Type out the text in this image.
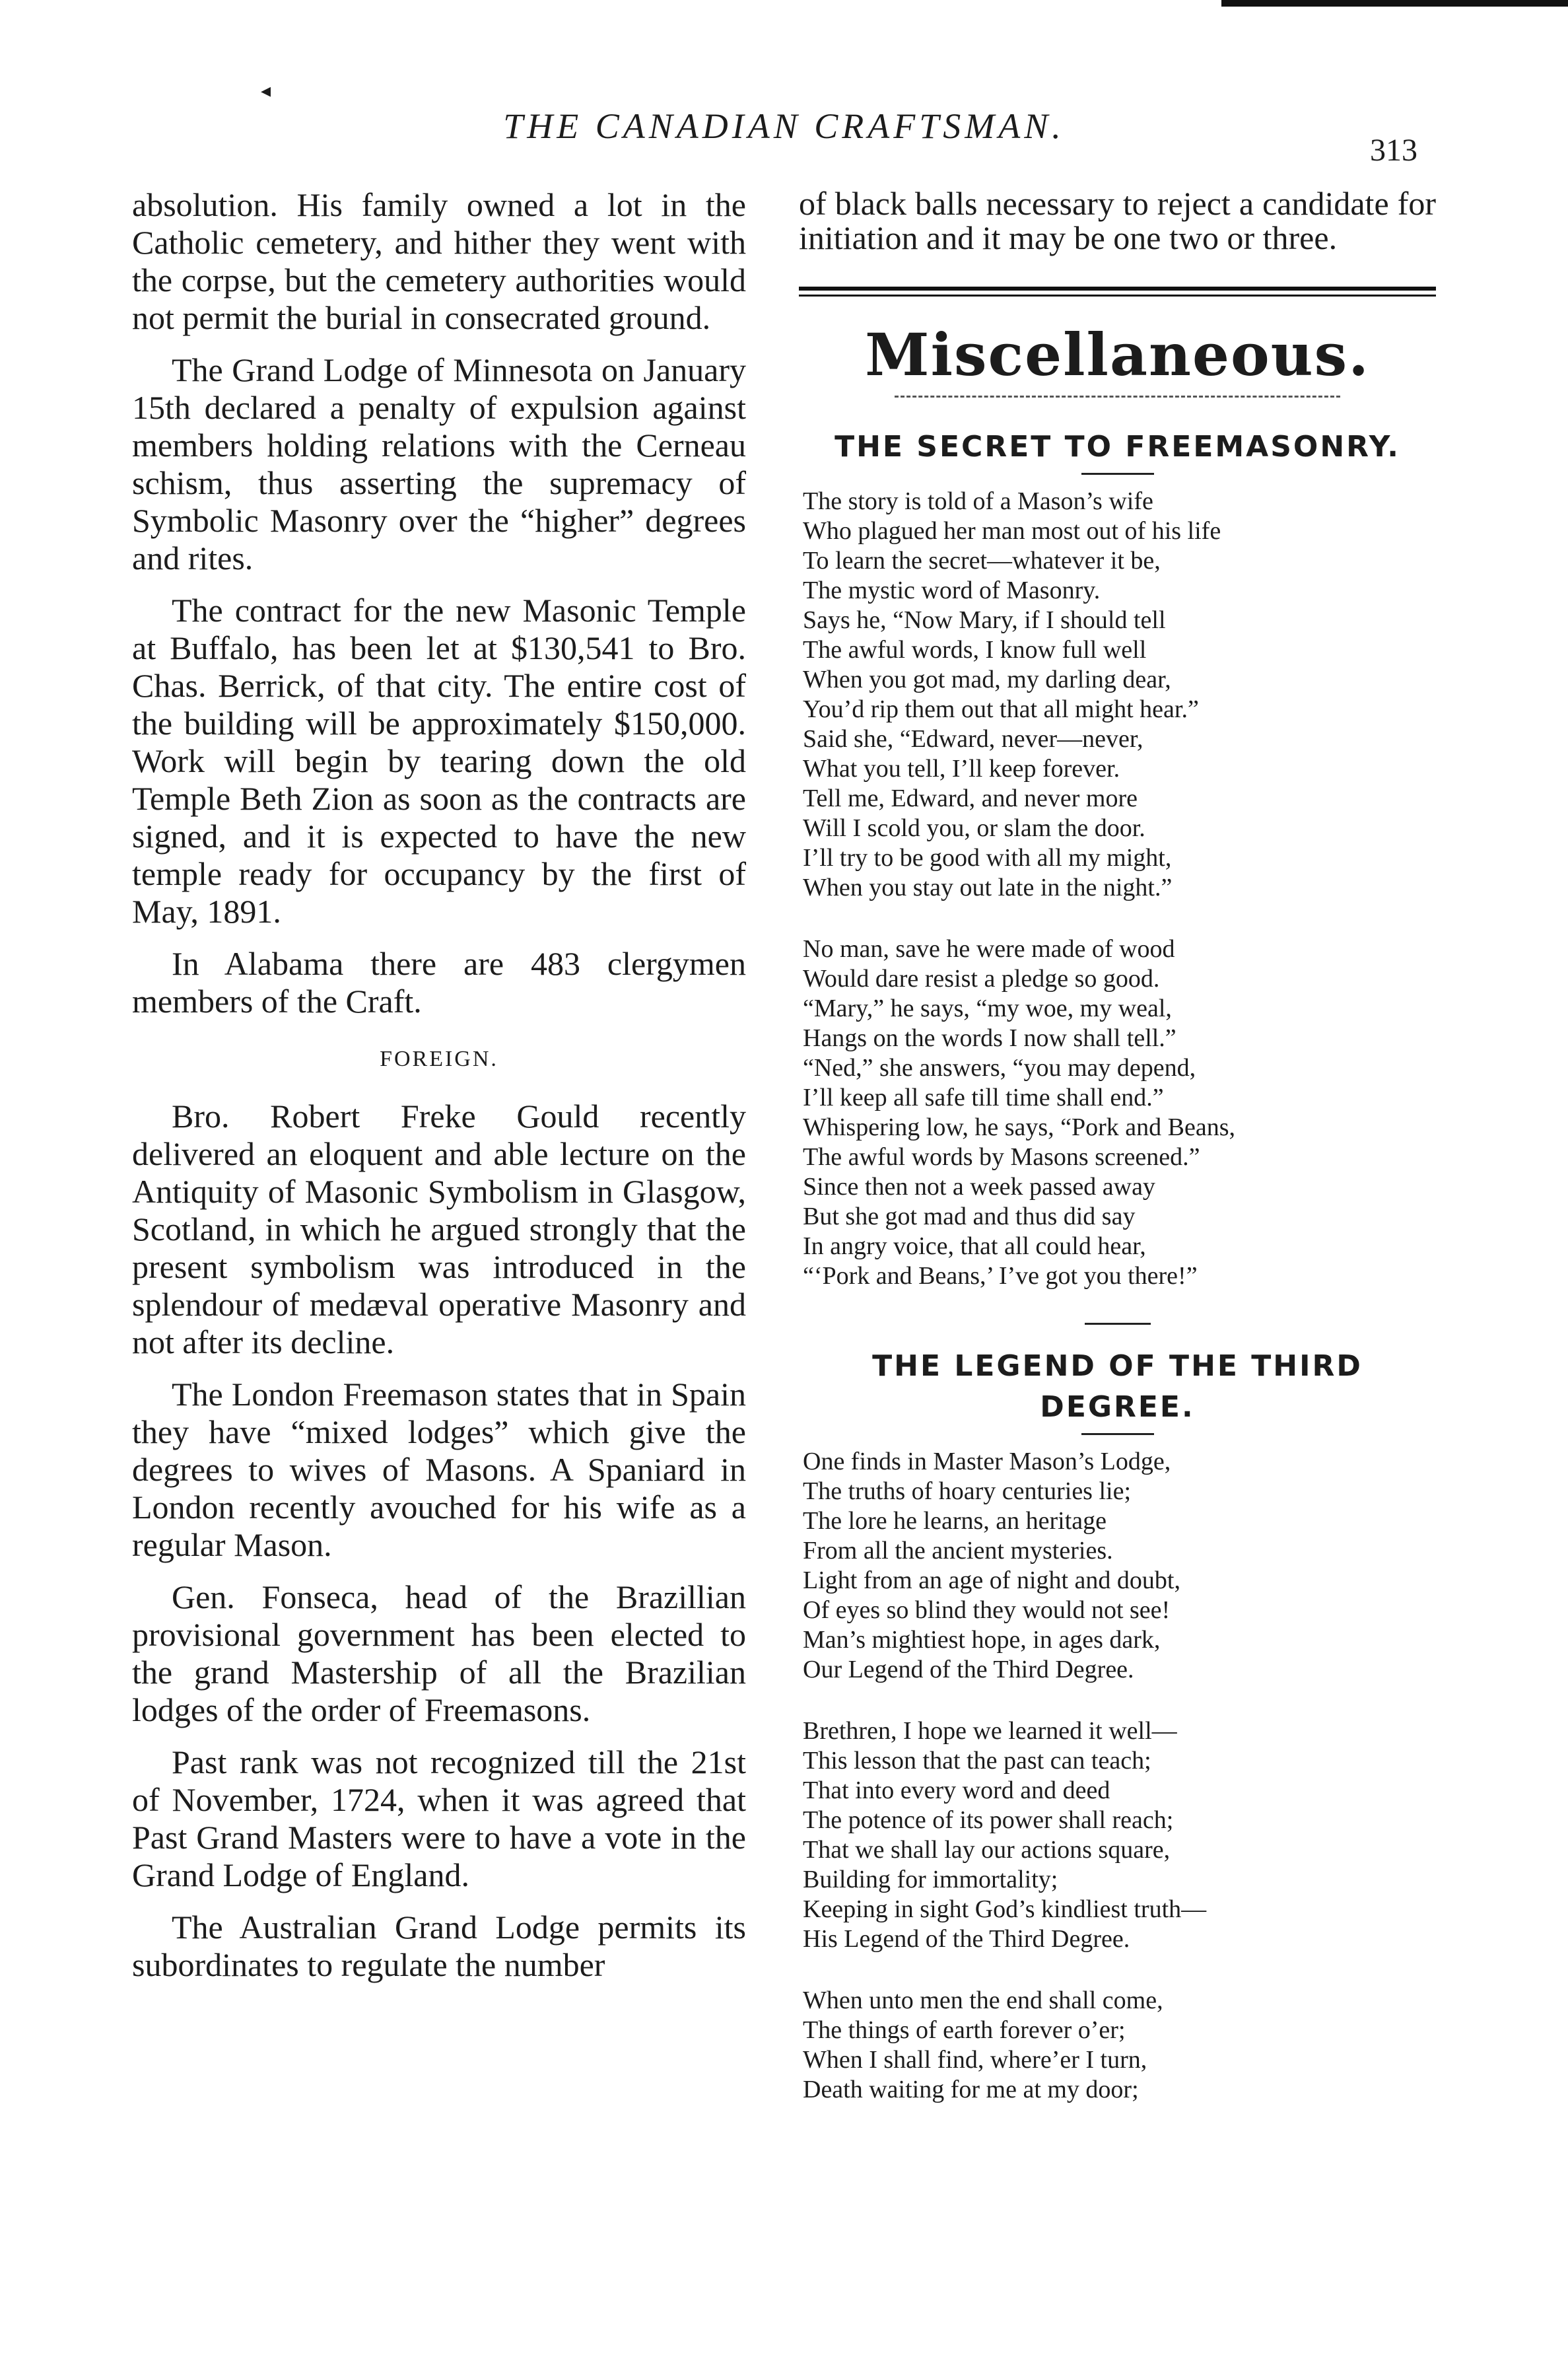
◂
THE CANADIAN CRAFTSMAN.
313

absolution. His family owned a lot in the Catholic cemetery, and hither they went with the corpse, but the cemetery authorities would not permit the burial in consecrated ground.

The Grand Lodge of Minnesota on January 15th declared a penalty of expulsion against members holding relations with the Cerneau schism, thus asserting the supremacy of Symbolic Masonry over the “higher” degrees and rites.

The contract for the new Masonic Temple at Buffalo, has been let at $130,541 to Bro. Chas. Berrick, of that city. The entire cost of the building will be approximately $150,000. Work will begin by tearing down the old Temple Beth Zion as soon as the contracts are signed, and it is expected to have the new temple ready for occupancy by the first of May, 1891.

In Alabama there are 483 clergymen members of the Craft.

FOREIGN.

Bro. Robert Freke Gould recently delivered an eloquent and able lecture on the Antiquity of Masonic Symbolism in Glasgow, Scotland, in which he argued strongly that the present symbolism was introduced in the splendour of medæval operative Masonry and not after its decline.

The London Freemason states that in Spain they have “mixed lodges” which give the degrees to wives of Masons. A Spaniard in London recently avouched for his wife as a regular Mason.

Gen. Fonseca, head of the Brazillian provisional government has been elected to the grand Mastership of all the Brazilian lodges of the order of Freemasons.

Past rank was not recognized till the 21st of November, 1724, when it was agreed that Past Grand Masters were to have a vote in the Grand Lodge of England.

The Australian Grand Lodge permits its subordinates to regulate the number

of black balls necessary to reject a candidate for initiation and it may be one two or three.

Miscellaneous.
THE SECRET TO FREEMASONRY.
The story is told of a Mason’s wife
Who plagued her man most out of his life
To learn the secret—whatever it be,
The mystic word of Masonry.
Says he, “Now Mary, if I should tell
The awful words, I know full well
When you got mad, my darling dear,
You’d rip them out that all might hear.”
Said she, “Edward, never—never,
What you tell, I’ll keep forever.
Tell me, Edward, and never more
Will I scold you, or slam the door.
I’ll try to be good with all my might,
When you stay out late in the night.”
No man, save he were made of wood
Would dare resist a pledge so good.
“Mary,” he says, “my woe, my weal,
Hangs on the words I now shall tell.”
“Ned,” she answers, “you may depend,
I’ll keep all safe till time shall end.”
Whispering low, he says, “Pork and Beans,
The awful words by Masons screened.”
Since then not a week passed away
But she got mad and thus did say
In angry voice, that all could hear,
“‘Pork and Beans,’ I’ve got you there!”
THE LEGEND OF THE THIRD DEGREE.
One finds in Master Mason’s Lodge,
The truths of hoary centuries lie;
The lore he learns, an heritage
From all the ancient mysteries.
Light from an age of night and doubt,
Of eyes so blind they would not see!
Man’s mightiest hope, in ages dark,
Our Legend of the Third Degree.
Brethren, I hope we learned it well—
This lesson that the past can teach;
That into every word and deed
The potence of its power shall reach;
That we shall lay our actions square,
Building for immortality;
Keeping in sight God’s kindliest truth—
His Legend of the Third Degree.
When unto men the end shall come,
The things of earth forever o’er;
When I shall find, where’er I turn,
Death waiting for me at my door;
